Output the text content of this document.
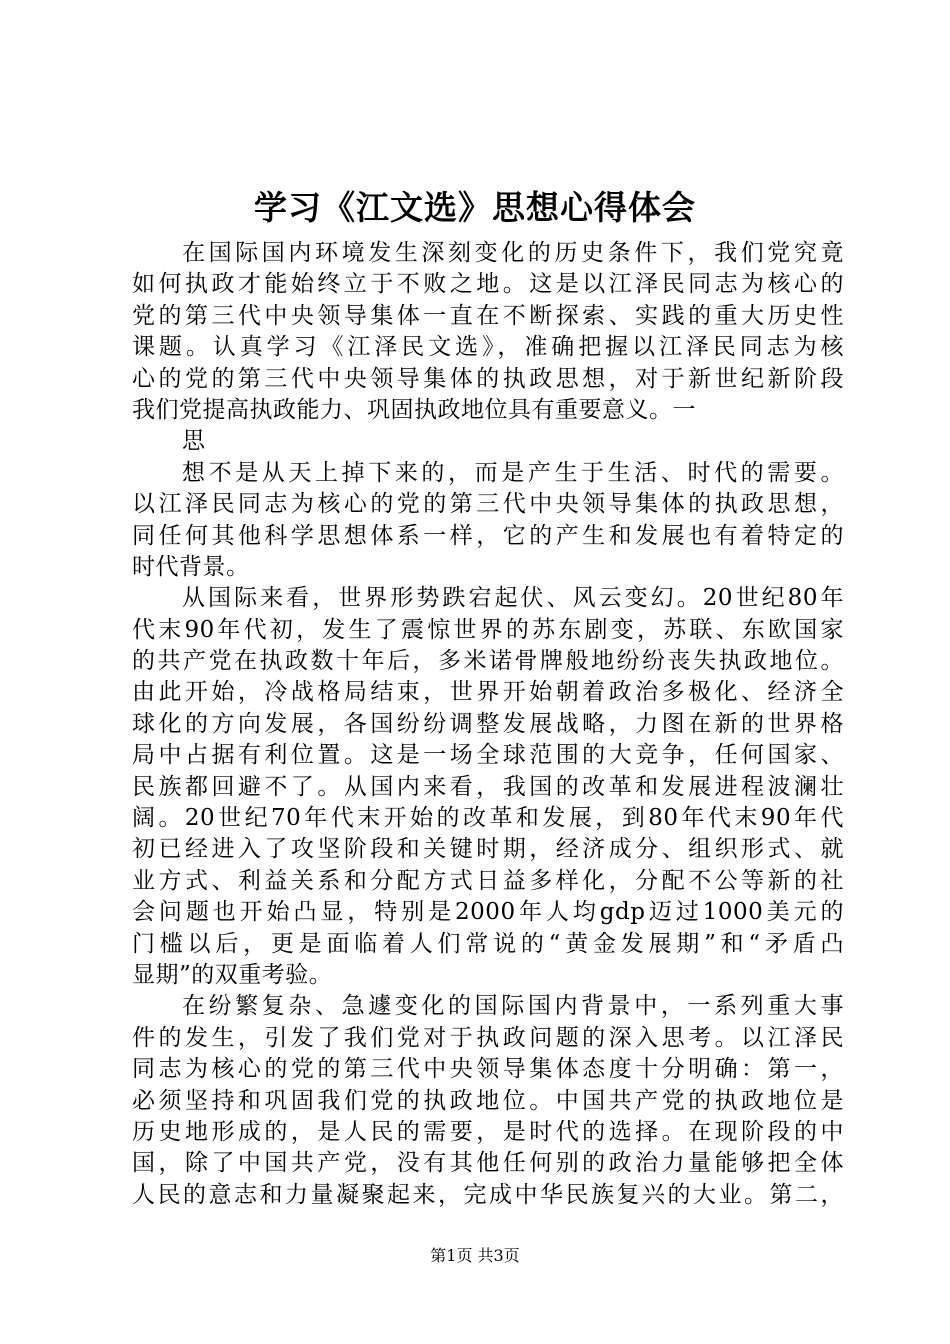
学习《江文选》思想心得体会
在国际国内环境发生深刻变化的历史条件下，我们党究竟
如何执政才能始终立于不败之地。这是以江泽民同志为核心的
党的第三代中央领导集体一直在不断探索、实践的重大历史性
课题。认真学习《江泽民文选》，准确把握以江泽民同志为核
心的党的第三代中央领导集体的执政思想，对于新世纪新阶段
我们党提高执政能力、巩固执政地位具有重要意义。一
思
想不是从天上掉下来的，而是产生于生活、时代的需要。
以江泽民同志为核心的党的第三代中央领导集体的执政思想，
同任何其他科学思想体系一样，它的产生和发展也有着特定的
时代背景。
从国际来看，世界形势跌宕起伏、风云变幻。20世纪80年
代末90年代初，发生了震惊世界的苏东剧变，苏联、东欧国家
的共产党在执政数十年后，多米诺骨牌般地纷纷丧失执政地位。
由此开始，冷战格局结束，世界开始朝着政治多极化、经济全
球化的方向发展，各国纷纷调整发展战略，力图在新的世界格
局中占据有利位置。这是一场全球范围的大竞争，任何国家、
民族都回避不了。从国内来看，我国的改革和发展进程波澜壮
阔。20世纪70年代末开始的改革和发展，到80年代末90年代
初已经进入了攻坚阶段和关键时期，经济成分、组织形式、就
业方式、利益关系和分配方式日益多样化，分配不公等新的社
会问题也开始凸显，特别是2000年人均gdp迈过1000美元的
门槛以后，更是面临着人们常说的“黄金发展期”和“矛盾凸
显期”的双重考验。
在纷繁复杂、急遽变化的国际国内背景中，一系列重大事
件的发生，引发了我们党对于执政问题的深入思考。以江泽民
同志为核心的党的第三代中央领导集体态度十分明确：第一，
必须坚持和巩固我们党的执政地位。中国共产党的执政地位是
历史地形成的，是人民的需要，是时代的选择。在现阶段的中
国，除了中国共产党，没有其他任何别的政治力量能够把全体
人民的意志和力量凝聚起来，完成中华民族复兴的大业。第二，
第1页 共3页
